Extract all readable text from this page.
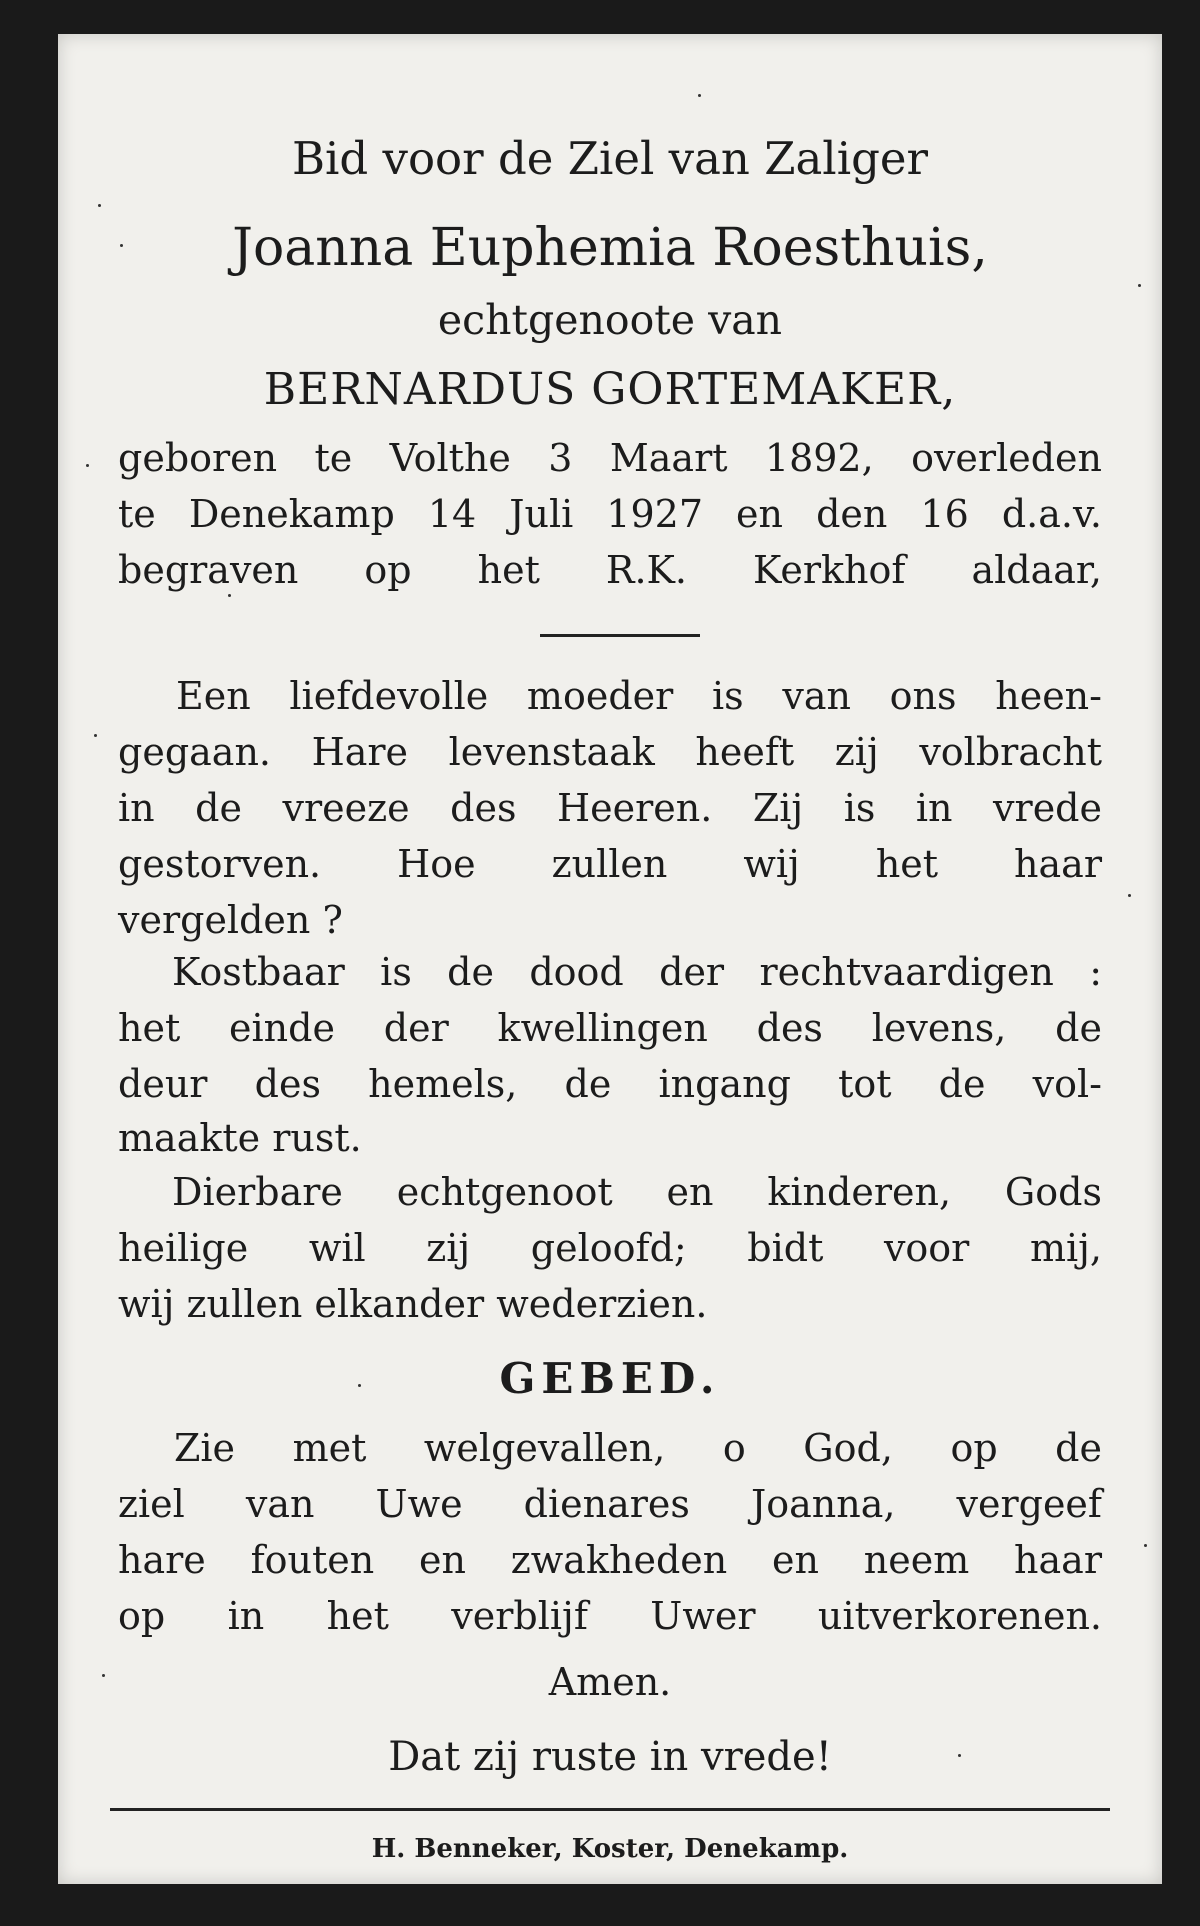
Bid voor de Ziel van Zaliger
Joanna Euphemia Roesthuis,
echtgenoote van
BERNARDUS GORTEMAKER,
geboren te Volthe 3 Maart 1892, overleden
te Denekamp 14 Juli 1927 en den 16 d.a.v.
begraven op het R.K. Kerkhof aldaar,
Een liefdevolle moeder is van ons heen-
gegaan. Hare levenstaak heeft zij volbracht
in de vreeze des Heeren. Zij is in vrede
gestorven. Hoe zullen wij het haar
vergelden ?
Kostbaar is de dood der rechtvaardigen :
het einde der kwellingen des levens, de
deur des hemels, de ingang tot de vol-
maakte rust.
Dierbare echtgenoot en kinderen, Gods
heilige wil zij geloofd; bidt voor mij,
wij zullen elkander wederzien.
GEBED.
Zie met welgevallen, o God, op de
ziel van Uwe dienares Joanna, vergeef
hare fouten en zwakheden en neem haar
op in het verblijf Uwer uitverkorenen.
Amen.
Dat zij ruste in vrede!
H. Benneker, Koster, Denekamp.
